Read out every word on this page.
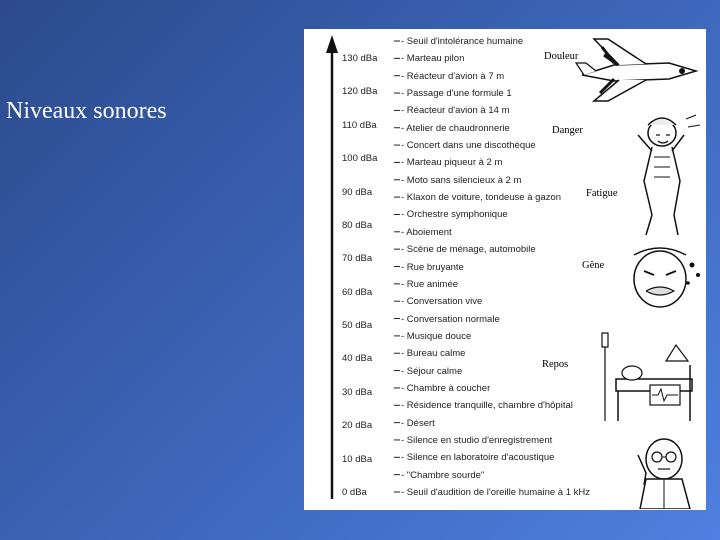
Niveaux sonores
130 dBa
120 dBa
110 dBa
100 dBa
90 dBa
80 dBa
70 dBa
60 dBa
50 dBa
40 dBa
30 dBa
20 dBa
10 dBa
0 dBa
- Seuil d'intolérance humaine
- Marteau pilon
- Réacteur d'avion à 7 m
- Passage d'une formule 1
- Réacteur d'avion à 14 m
- Atelier de chaudronnerie
- Concert dans une discothèque
- Marteau piqueur à 2 m
- Moto sans silencieux à 2 m
- Klaxon de voiture, tondeuse à gazon
- Orchestre symphonique
- Aboiement
- Scène de ménage, automobile
- Rue bruyante
- Rue animée
- Conversation vive
- Conversation normale
- Musique douce
- Bureau calme
- Séjour calme
- Chambre à coucher
- Résidence tranquille, chambre d'hôpital
- Désert
- Silence en studio d'enregistrement
- Silence en laboratoire d'acoustique
- "Chambre sourde"
- Seuil d'audition de l'oreille humaine à 1 kHz
Douleur
Danger
Fatigue
Gêne
Repos
